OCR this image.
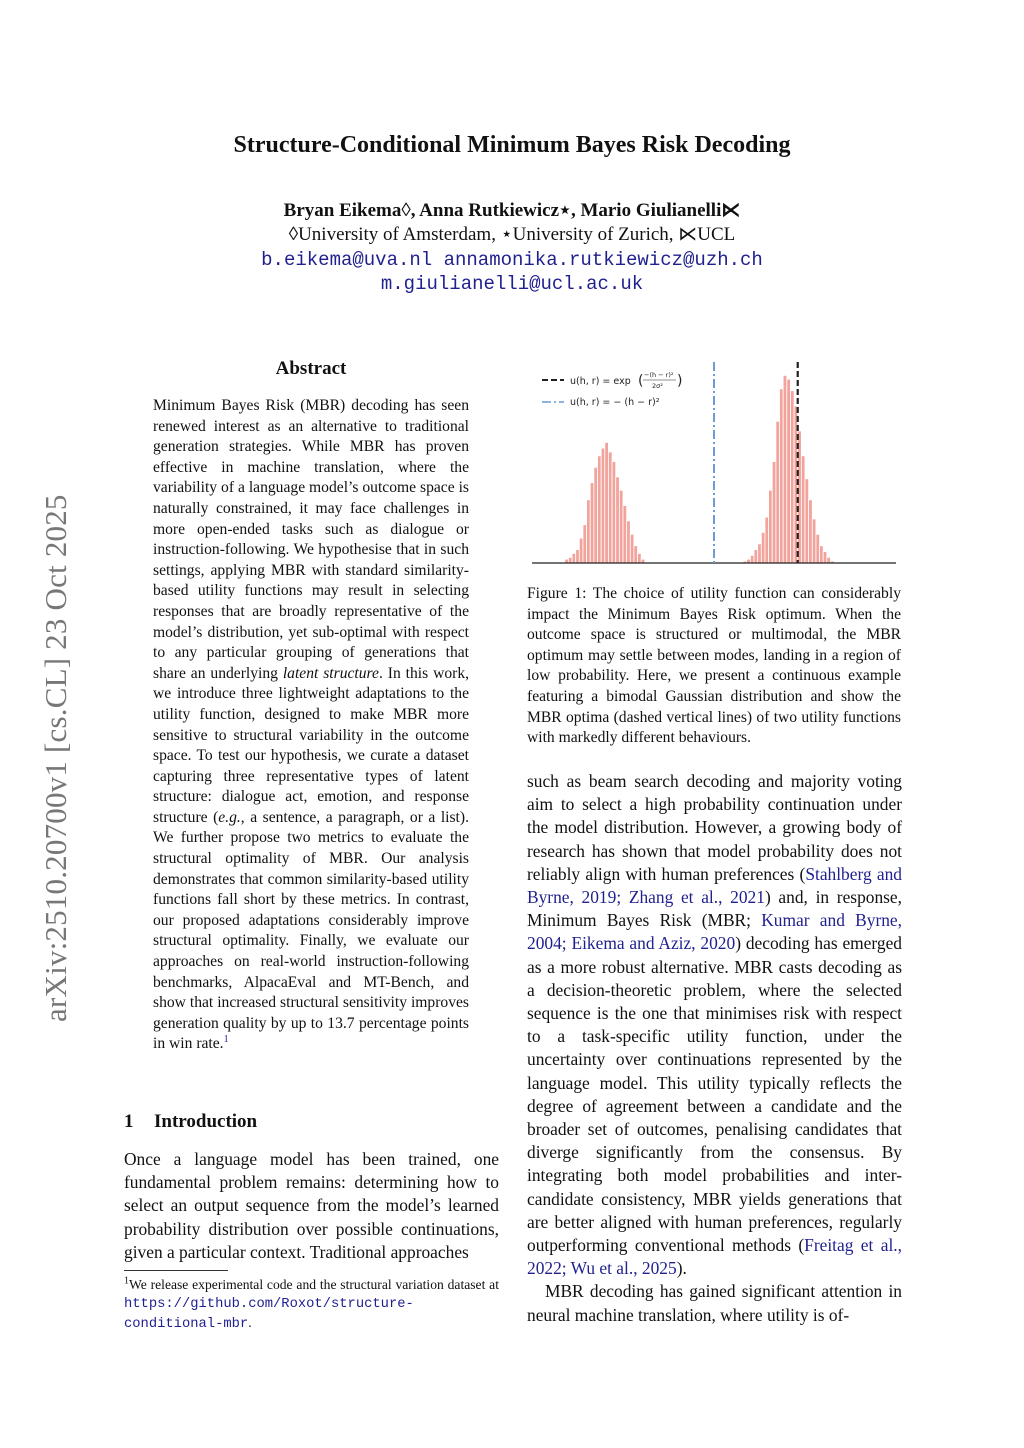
arXiv:2510.20700v1 [cs.CL] 23 Oct 2025
Structure-Conditional Minimum Bayes Risk Decoding
Bryan Eikema◊, Anna Rutkiewicz⋆, Mario Giulianelli⋉
◊University of Amsterdam, ⋆University of Zurich, ⋉UCL
b.eikema@uva.nl annamonika.rutkiewicz@uzh.ch
m.giulianelli@ucl.ac.uk
Abstract

Minimum Bayes Risk (MBR) decoding has seen renewed interest as an alternative to traditional generation strategies. While MBR has proven effective in machine translation, where the variability of a language model’s outcome space is naturally constrained, it may face challenges in more open-ended tasks such as dialogue or instruction-following. We hypothesise that in such settings, applying MBR with standard similarity-based utility functions may result in selecting responses that are broadly representative of the model’s distribution, yet sub-optimal with respect to any particular grouping of generations that share an underlying latent structure. In this work, we introduce three lightweight adaptations to the utility function, designed to make MBR more sensitive to structural variability in the outcome space. To test our hypothesis, we curate a dataset capturing three representative types of latent structure: dialogue act, emotion, and response structure (e.g., a sentence, a paragraph, or a list). We further propose two metrics to evaluate the structural optimality of MBR. Our analysis demonstrates that common similarity-based utility functions fall short by these metrics. In contrast, our proposed adaptations considerably improve structural optimality. Finally, we evaluate our approaches on real-world instruction-following benchmarks, AlpacaEval and MT-Bench, and show that increased structural sensitivity improves generation quality by up to 13.7 percentage points in win rate.$^1$

1 Introduction

Once a language model has been trained, one fundamental problem remains: determining how to select an output sequence from the model’s learned probability distribution over possible continuations, given a particular context. Traditional approaches

$^1$We release experimental code and the structural variation dataset at https://github.com/Roxot/structure-conditional-mbr.
u(h, r) = exp ( −(h − r)²
2σ² )
u(h, r) = − (h − r)²
Figure 1: The choice of utility function can considerably impact the Minimum Bayes Risk optimum. When the outcome space is structured or multimodal, the MBR optimum may settle between modes, landing in a region of low probability. Here, we present a continuous example featuring a bimodal Gaussian distribution and show the MBR optima (dashed vertical lines) of two utility functions with markedly different behaviours.

such as beam search decoding and majority voting aim to select a high probability continuation under the model distribution. However, a growing body of research has shown that model probability does not reliably align with human preferences (Stahlberg and Byrne, 2019; Zhang et al., 2021) and, in response, Minimum Bayes Risk (MBR; Kumar and Byrne, 2004; Eikema and Aziz, 2020) decoding has emerged as a more robust alternative. MBR casts decoding as a decision-theoretic problem, where the selected sequence is the one that minimises risk with respect to a task-specific utility function, under the uncertainty over continuations represented by the language model. This utility typically reflects the degree of agreement between a candidate and the broader set of outcomes, penalising candidates that diverge significantly from the consensus. By integrating both model probabilities and inter-candidate consistency, MBR yields generations that are better aligned with human preferences, regularly outperforming conventional methods (Freitag et al., 2022; Wu et al., 2025).

MBR decoding has gained significant attention in neural machine translation, where utility is of-
